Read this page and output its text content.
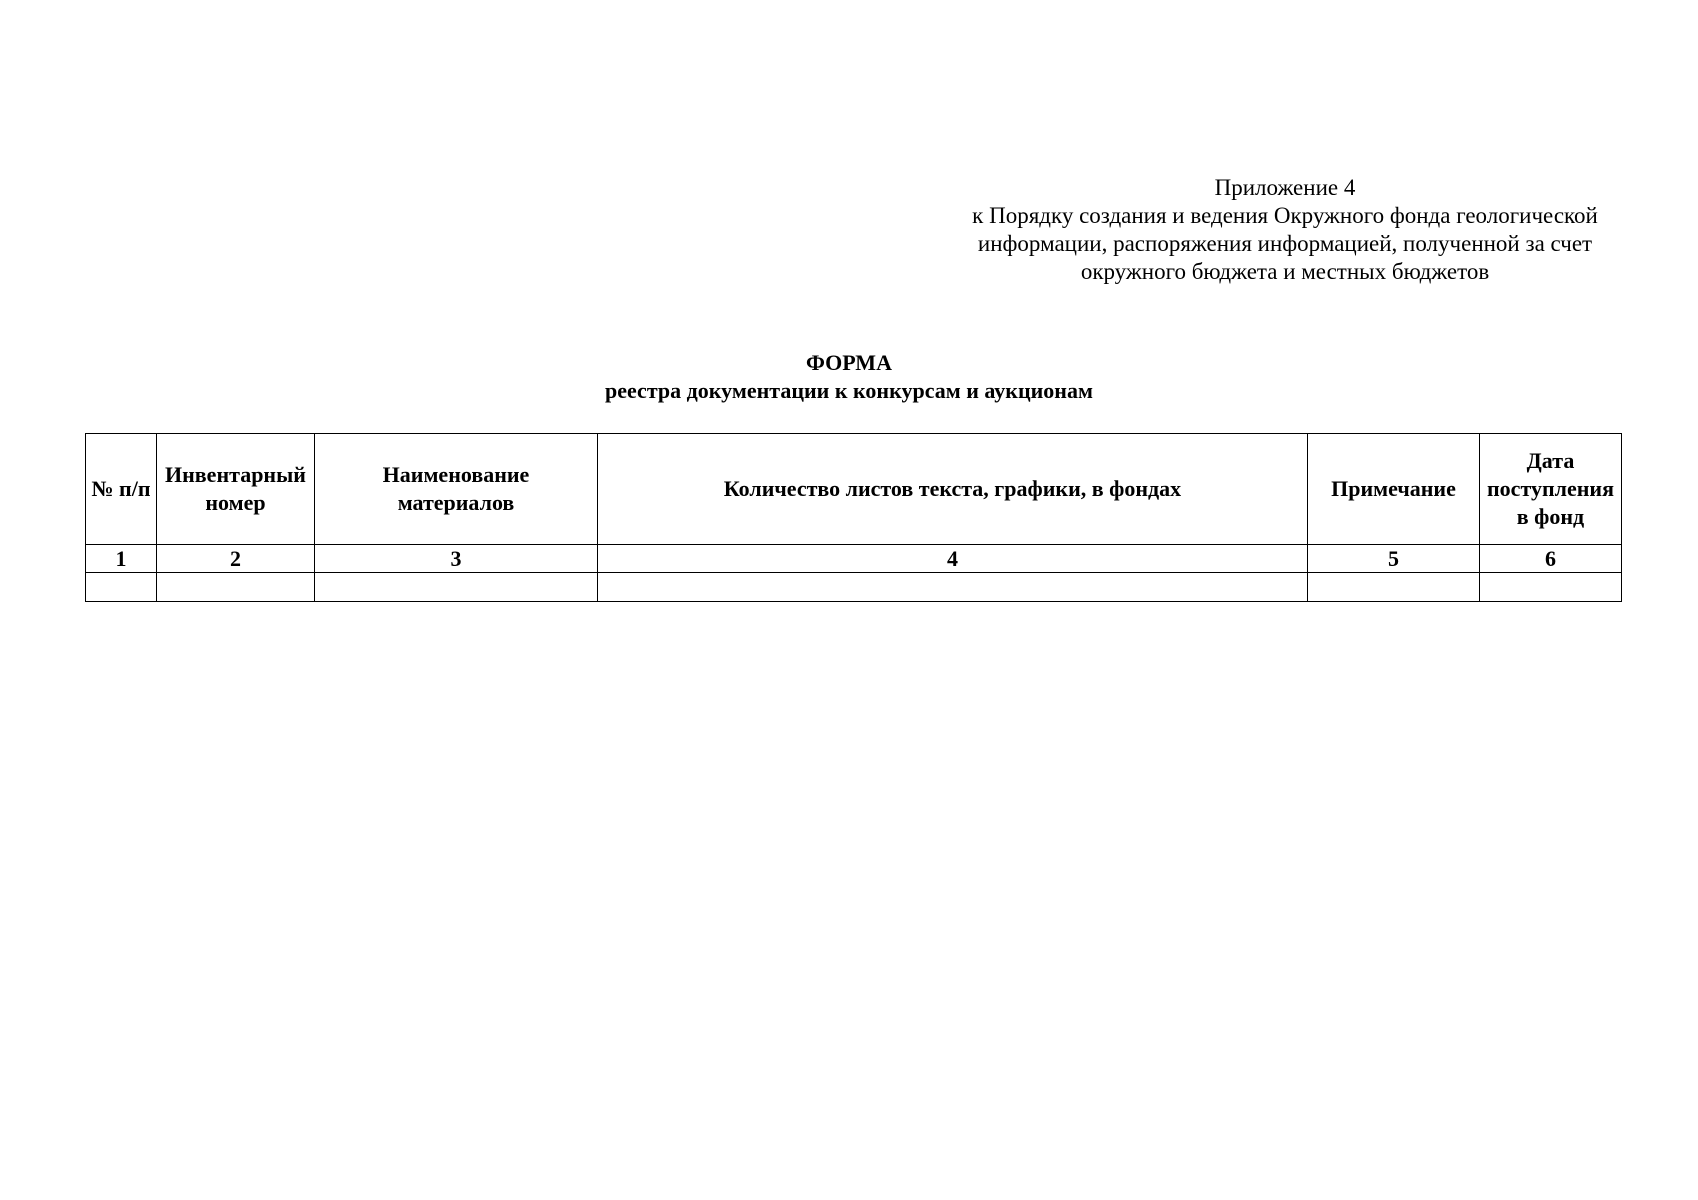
Приложение 4
к Порядку создания и ведения Окружного фонда геологической
информации, распоряжения информацией, полученной за счет
окружного бюджета и местных бюджетов
ФОРМА
реестра документации к конкурсам и аукционам
№ п/п	Инвентарный номер	Наименование материалов	Количество листов текста, графики, в фондах	Примечание	Дата поступления в фонд
1	2	3	4	5	6
